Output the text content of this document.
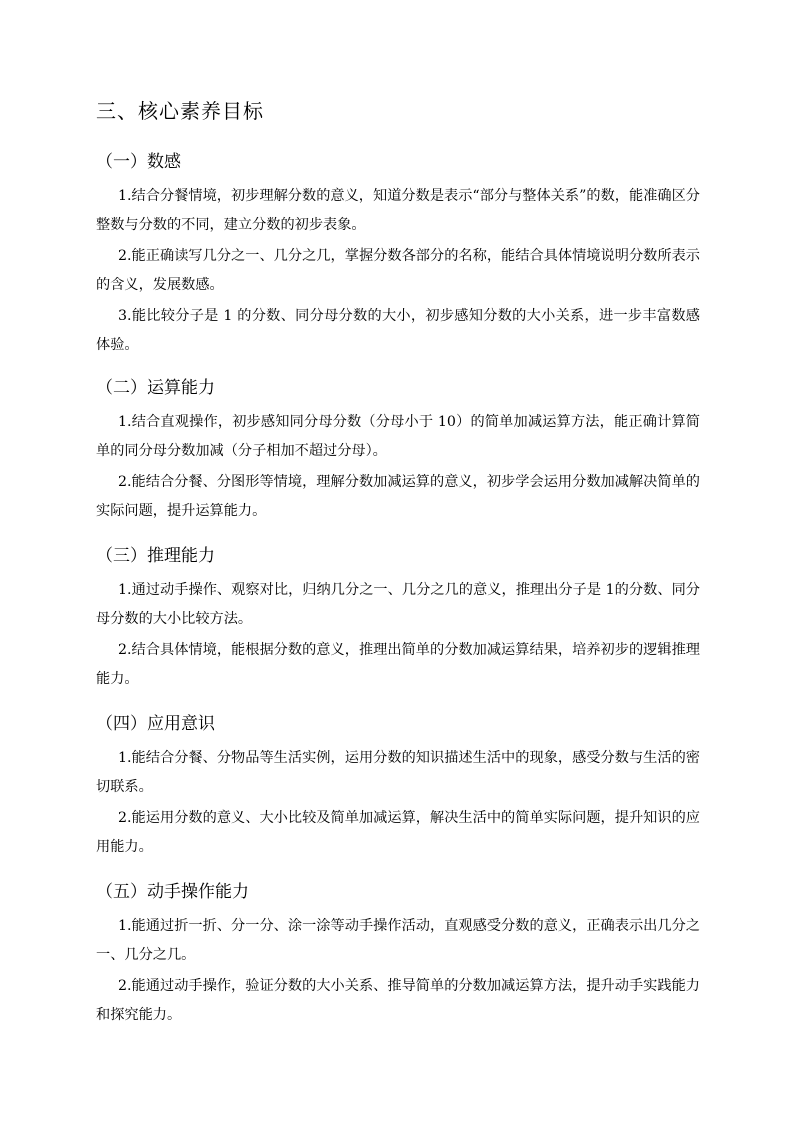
三、核心素养目标
（一）数感

1.结合分餐情境，初步理解分数的意义，知道分数是表示“部分与整体关系”的数，能准确区分整数与分数的不同，建立分数的初步表象。

2.能正确读写几分之一、几分之几，掌握分数各部分的名称，能结合具体情境说明分数所表示的含义，发展数感。

3.能比较分子是 1 的分数、同分母分数的大小，初步感知分数的大小关系，进一步丰富数感体验。

（二）运算能力

1.结合直观操作，初步感知同分母分数（分母小于 10）的简单加减运算方法，能正确计算简单的同分母分数加减（分子相加不超过分母）。

2.能结合分餐、分图形等情境，理解分数加减运算的意义，初步学会运用分数加减解决简单的实际问题，提升运算能力。

（三）推理能力

1.通过动手操作、观察对比，归纳几分之一、几分之几的意义，推理出分子是 1的分数、同分母分数的大小比较方法。

2.结合具体情境，能根据分数的意义，推理出简单的分数加减运算结果，培养初步的逻辑推理能力。

（四）应用意识

1.能结合分餐、分物品等生活实例，运用分数的知识描述生活中的现象，感受分数与生活的密切联系。

2.能运用分数的意义、大小比较及简单加减运算，解决生活中的简单实际问题，提升知识的应用能力。

（五）动手操作能力

1.能通过折一折、分一分、涂一涂等动手操作活动，直观感受分数的意义，正确表示出几分之一、几分之几。

2.能通过动手操作，验证分数的大小关系、推导简单的分数加减运算方法，提升动手实践能力和探究能力。
